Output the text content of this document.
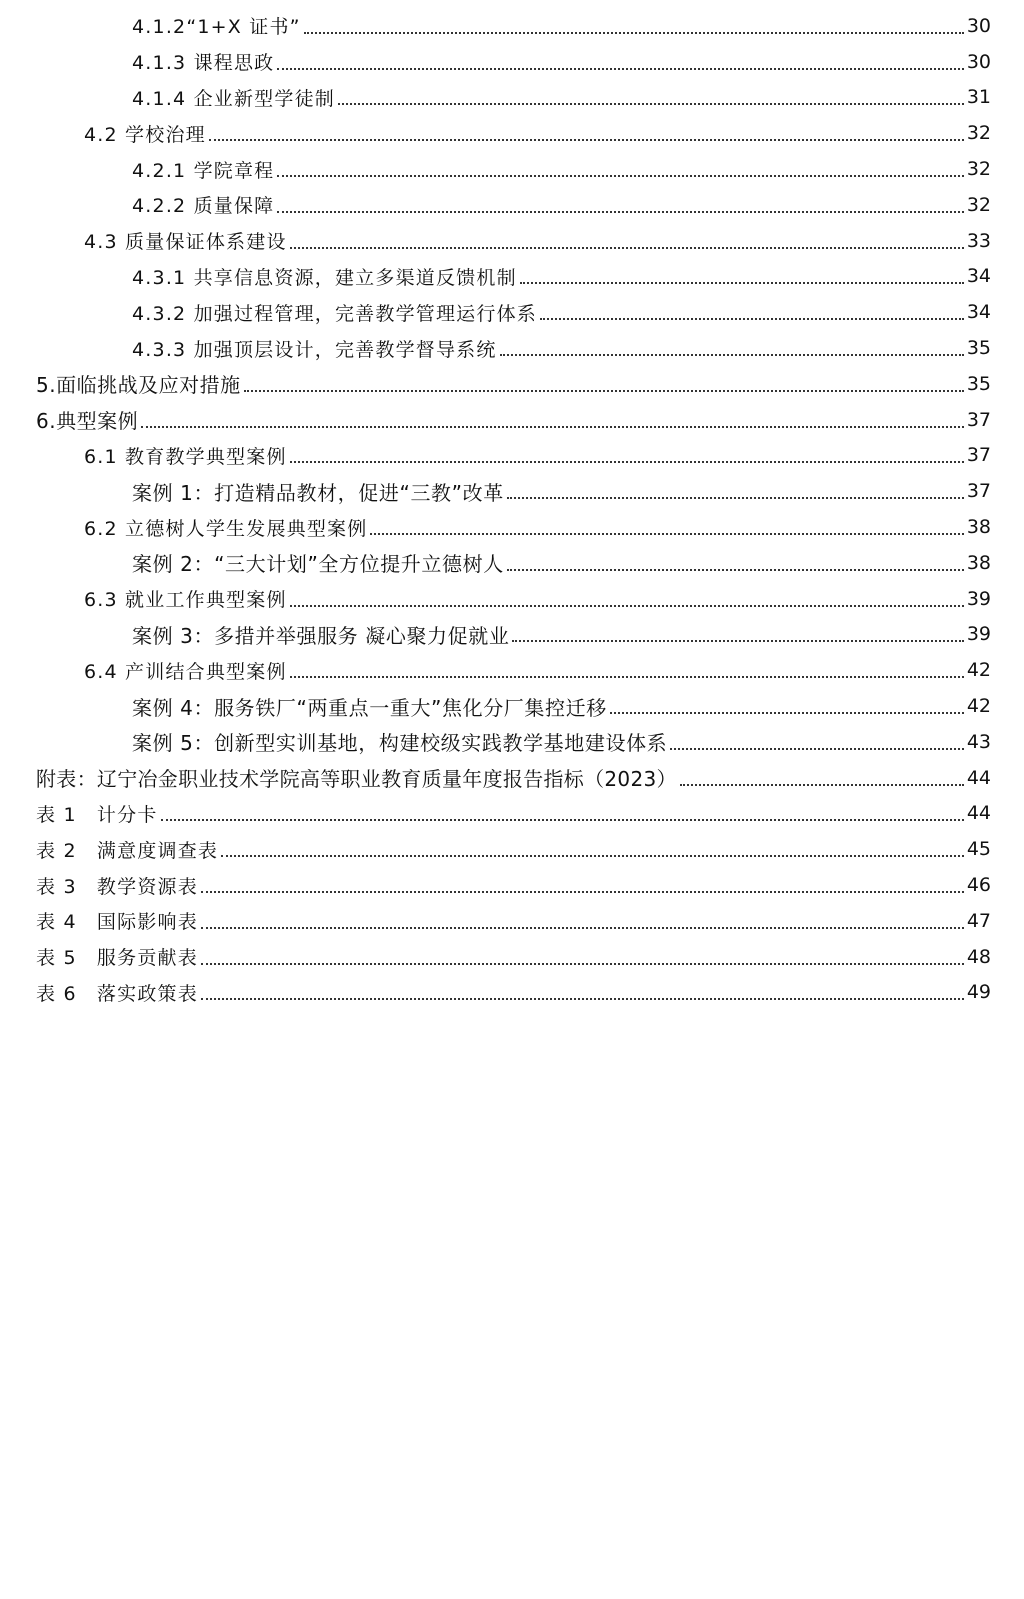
4.1.2“1+X 证书”	30
4.1.3 课程思政	30
4.1.4 企业新型学徒制	31
4.2 学校治理	32
4.2.1 学院章程	32
4.2.2 质量保障	32
4.3 质量保证体系建设	33
4.3.1 共享信息资源，建立多渠道反馈机制	34
4.3.2 加强过程管理，完善教学管理运行体系	34
4.3.3 加强顶层设计，完善教学督导系统	35
5.面临挑战及应对措施	35
6.典型案例	37
6.1 教育教学典型案例	37
案例 1：打造精品教材，促进“三教”改革	37
6.2 立德树人学生发展典型案例	38
案例 2：“三大计划”全方位提升立德树人	38
6.3 就业工作典型案例	39
案例 3：多措并举强服务 凝心聚力促就业	39
6.4 产训结合典型案例	42
案例 4：服务铁厂“两重点一重大”焦化分厂集控迁移	42
案例 5：创新型实训基地，构建校级实践教学基地建设体系	43
附表：辽宁冶金职业技术学院高等职业教育质量年度报告指标（2023）	44
表 1　计分卡	44
表 2　满意度调查表	45
表 3　教学资源表	46
表 4　国际影响表	47
表 5　服务贡献表	48
表 6　落实政策表	49
